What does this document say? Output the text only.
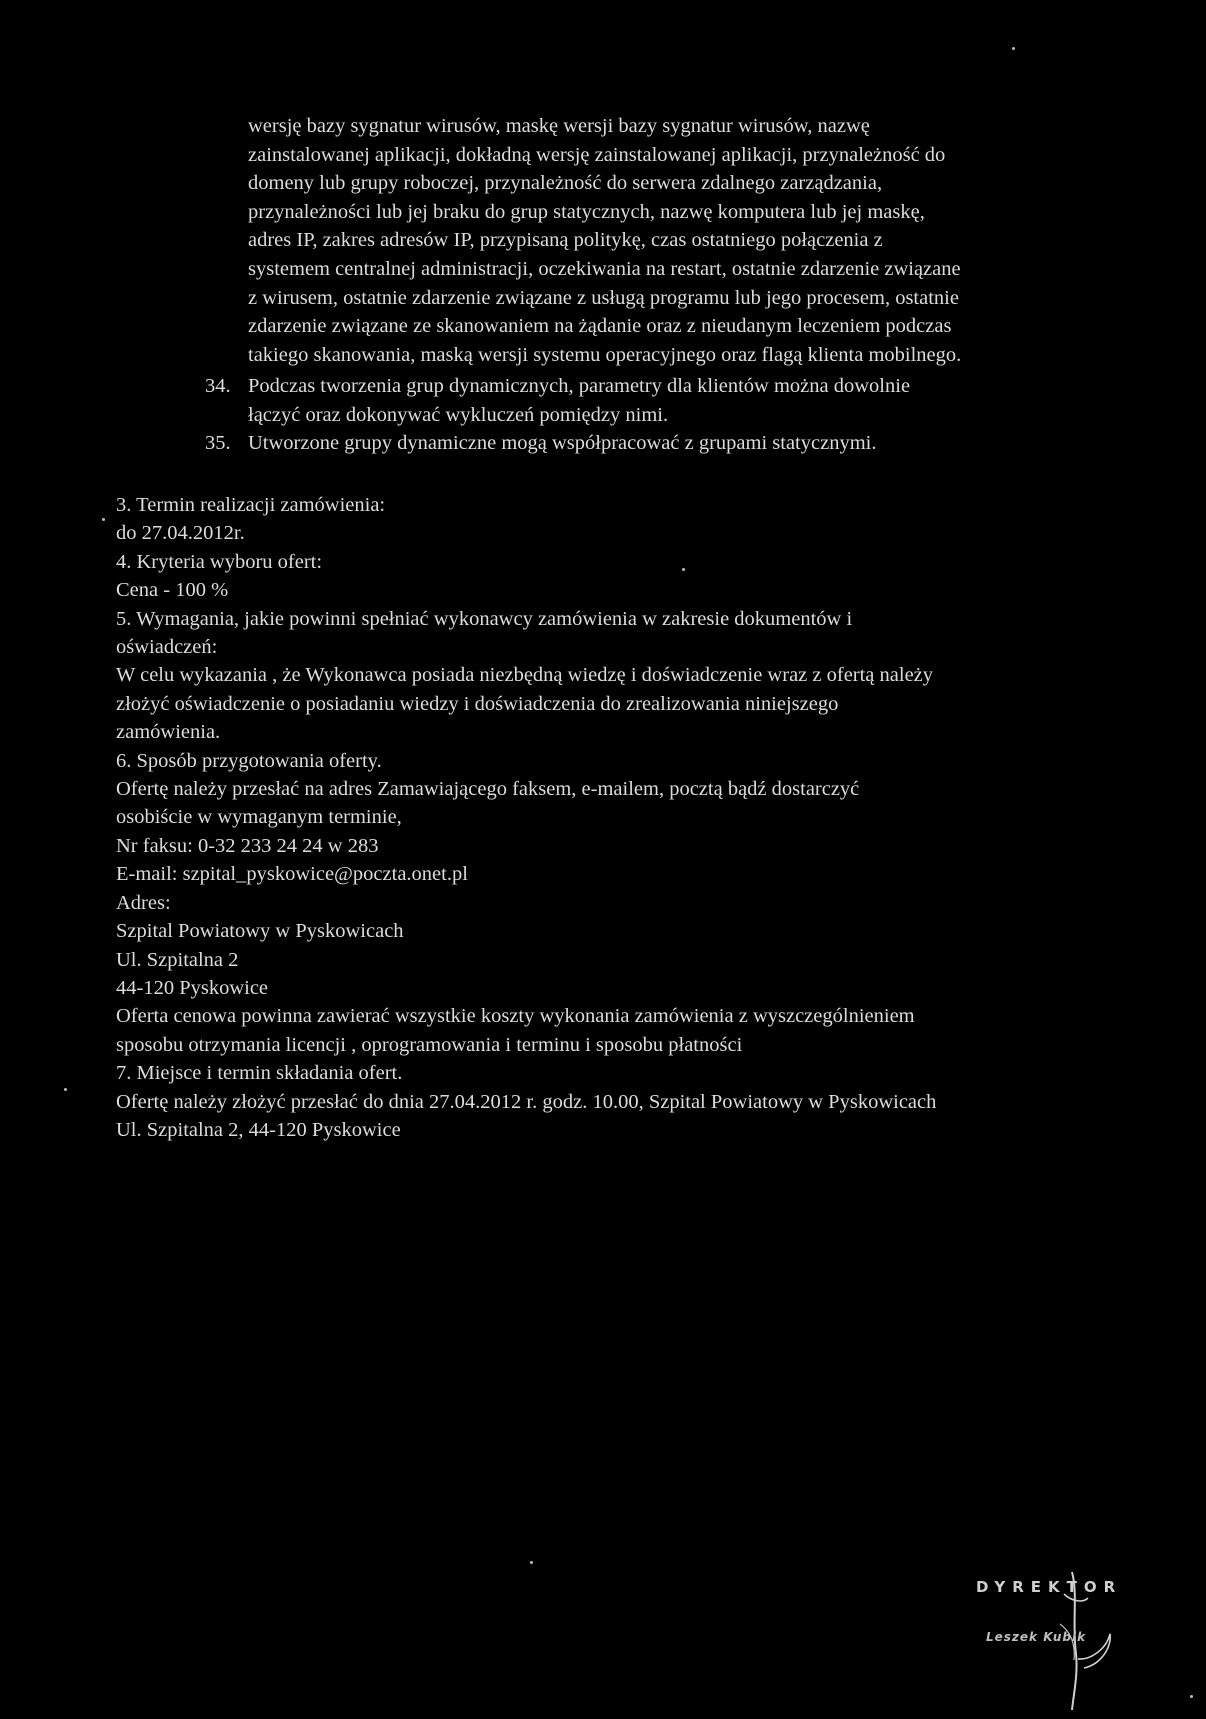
wersję bazy sygnatur wirusów, maskę wersji bazy sygnatur wirusów, nazwę
zainstalowanej aplikacji, dokładną wersję zainstalowanej aplikacji, przynależność do
domeny lub grupy roboczej, przynależność do serwera zdalnego zarządzania,
przynależności lub jej braku do grup statycznych, nazwę komputera lub jej maskę,
adres IP, zakres adresów IP, przypisaną politykę, czas ostatniego połączenia z
systemem centralnej administracji, oczekiwania na restart, ostatnie zdarzenie związane
z wirusem, ostatnie zdarzenie związane z usługą programu lub jego procesem, ostatnie
zdarzenie związane ze skanowaniem na żądanie oraz z nieudanym leczeniem podczas
takiego skanowania, maską wersji systemu operacyjnego oraz flagą klienta mobilnego.
34. Podczas tworzenia grup dynamicznych, parametry dla klientów można dowolnie
łączyć oraz dokonywać wykluczeń pomiędzy nimi.
35. Utworzone grupy dynamiczne mogą współpracować z grupami statycznymi.
3. Termin realizacji zamówienia:
do 27.04.2012r.
4. Kryteria wyboru ofert:
Cena - 100 %
5. Wymagania, jakie powinni spełniać wykonawcy zamówienia w zakresie dokumentów i
oświadczeń:
W celu wykazania , że Wykonawca posiada niezbędną wiedzę i doświadczenie wraz z ofertą należy
złożyć oświadczenie o posiadaniu wiedzy i doświadczenia do zrealizowania niniejszego
zamówienia.
6. Sposób przygotowania oferty.
Ofertę należy przesłać na adres Zamawiającego faksem, e-mailem, pocztą bądź dostarczyć
osobiście w wymaganym terminie,
Nr faksu: 0-32 233 24 24 w 283
E-mail: szpital_pyskowice@poczta.onet.pl
Adres:
Szpital Powiatowy w Pyskowicach
Ul. Szpitalna 2
44-120 Pyskowice
Oferta cenowa powinna zawierać wszystkie koszty wykonania zamówienia z wyszczególnieniem
sposobu otrzymania licencji , oprogramowania i terminu i sposobu płatności
7. Miejsce i termin składania ofert.
Ofertę należy złożyć przesłać do dnia 27.04.2012 r. godz. 10.00, Szpital Powiatowy w Pyskowicach
Ul. Szpitalna 2, 44-120 Pyskowice
DYREKTOR
Leszek Kubik
